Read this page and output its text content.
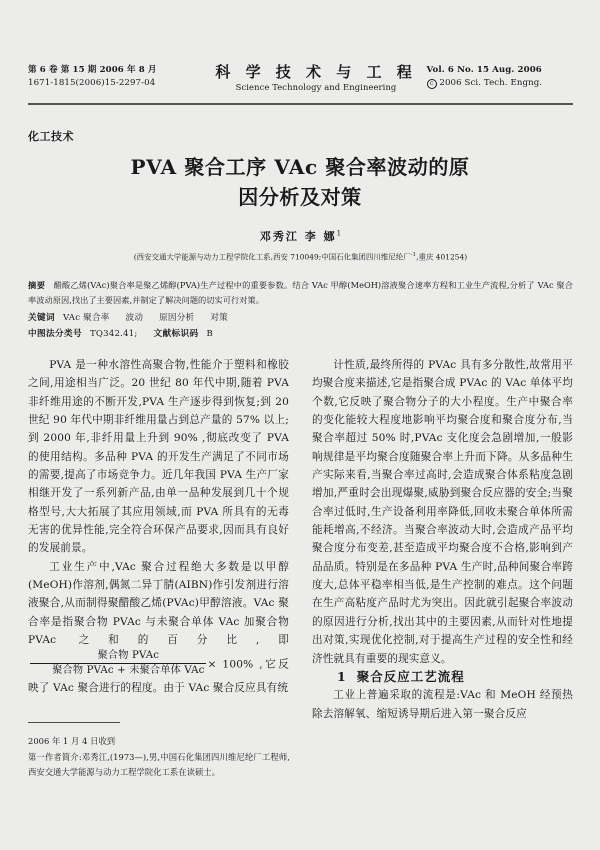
第 6 卷 第 15 期 2006 年 8 月
1671-1815(2006)15-2297-04
科 学 技 术 与 工 程
Science Technology and Engineering
Vol. 6 No. 15 Aug. 2006
c 2006 Sci. Tech. Engng.
化工技术
PVA 聚合工序 VAc 聚合率波动的原
因分析及对策
邓秀江 李 娜$^1$
(西安交通大学能源与动力工程学院化工系,西安 710049;中国石化集团四川维尼纶厂$^{-1}$,重庆 401254)
摘要 醋酸乙烯(VAc)聚合率是聚乙烯醇(PVA)生产过程中的重要参数。结合 VAc 甲醇(MeOH)溶液聚合速率方程和工业生产流程,分析了 VAc 聚合率波动原因,找出了主要因素,并制定了解决问题的切实可行对策。
关键词 VAc 聚合率 波动 原因分析 对策
中图法分类号 TQ342.41; 文献标识码 B

PVA 是一种水溶性高聚合物,性能介于塑料和橡胶之间,用途相当广泛。20 世纪 80 年代中期,随着 PVA 非纤维用途的不断开发,PVA 生产逐步得到恢复;到 20 世纪 90 年代中期非纤维用量占到总产量的 57% 以上;到 2000 年,非纤用量上升到 90% ,彻底改变了 PVA 的使用结构。多品种 PVA 的开发生产满足了不同市场的需要,提高了市场竞争力。近几年我国 PVA 生产厂家相继开发了一系列新产品,由单一品种发展到几十个规格型号,大大拓展了其应用领域,而 PVA 所具有的无毒无害的优异性能,完全符合环保产品要求,因而具有良好的发展前景。

工业生产中,VAc 聚合过程绝大多数是以甲醇(MeOH)作溶剂,偶氮二异丁腈(AIBN)作引发剂进行溶液聚合,从而制得聚醋酸乙烯(PVAc)甲醇溶液。VAc 聚合率是指聚合物 PVAc 与未聚合单体 VAc 加聚合物 PVAc 之和的百分比,即
$\frac{\text{聚合物 PVAc}}{\text{聚合物 PVAc + 未聚合单体 VAc}} \times 100\%$ ,它反映了 VAc 聚合进行的程度。由于 VAc 聚合反应具有统

计性质,最终所得的 PVAc 具有多分散性,故常用平均聚合度来描述,它是指聚合成 PVAc 的 VAc 单体平均个数,它反映了聚合物分子的大小程度。生产中聚合率的变化能较大程度地影响平均聚合度和聚合度分布,当聚合率超过 50% 时,PVAc 支化度会急剧增加,一般影响规律是平均聚合度随聚合率上升而下降。从多品种生产实际来看,当聚合率过高时,会造成聚合体系粘度急剧增加,严重时会出现爆聚,威胁到聚合反应器的安全;当聚合率过低时,生产设备利用率降低,回收未聚合单体所需能耗增高,不经济。当聚合率波动大时,会造成产品平均聚合度分布变差,甚至造成平均聚合度不合格,影响到产品品质。特别是在多品种 PVA 生产时,品种间聚合率跨度大,总体平稳率相当低,是生产控制的难点。这个问题在生产高粘度产品时尤为突出。因此就引起聚合率波动的原因进行分析,找出其中的主要因素,从而针对性地提出对策,实现优化控制,对于提高生产过程的安全性和经济性就具有重要的现实意义。

1 聚合反应工艺流程

工业上普遍采取的流程是:VAc 和 MeOH 经预热除去溶解氧、缩短诱导期后进入第一聚合反应

2006 年 1 月 4 日收到

第一作者简介:邓秀江,(1973—),男,中国石化集团四川维尼纶厂工程师,西安交通大学能源与动力工程学院化工系在读硕士。
